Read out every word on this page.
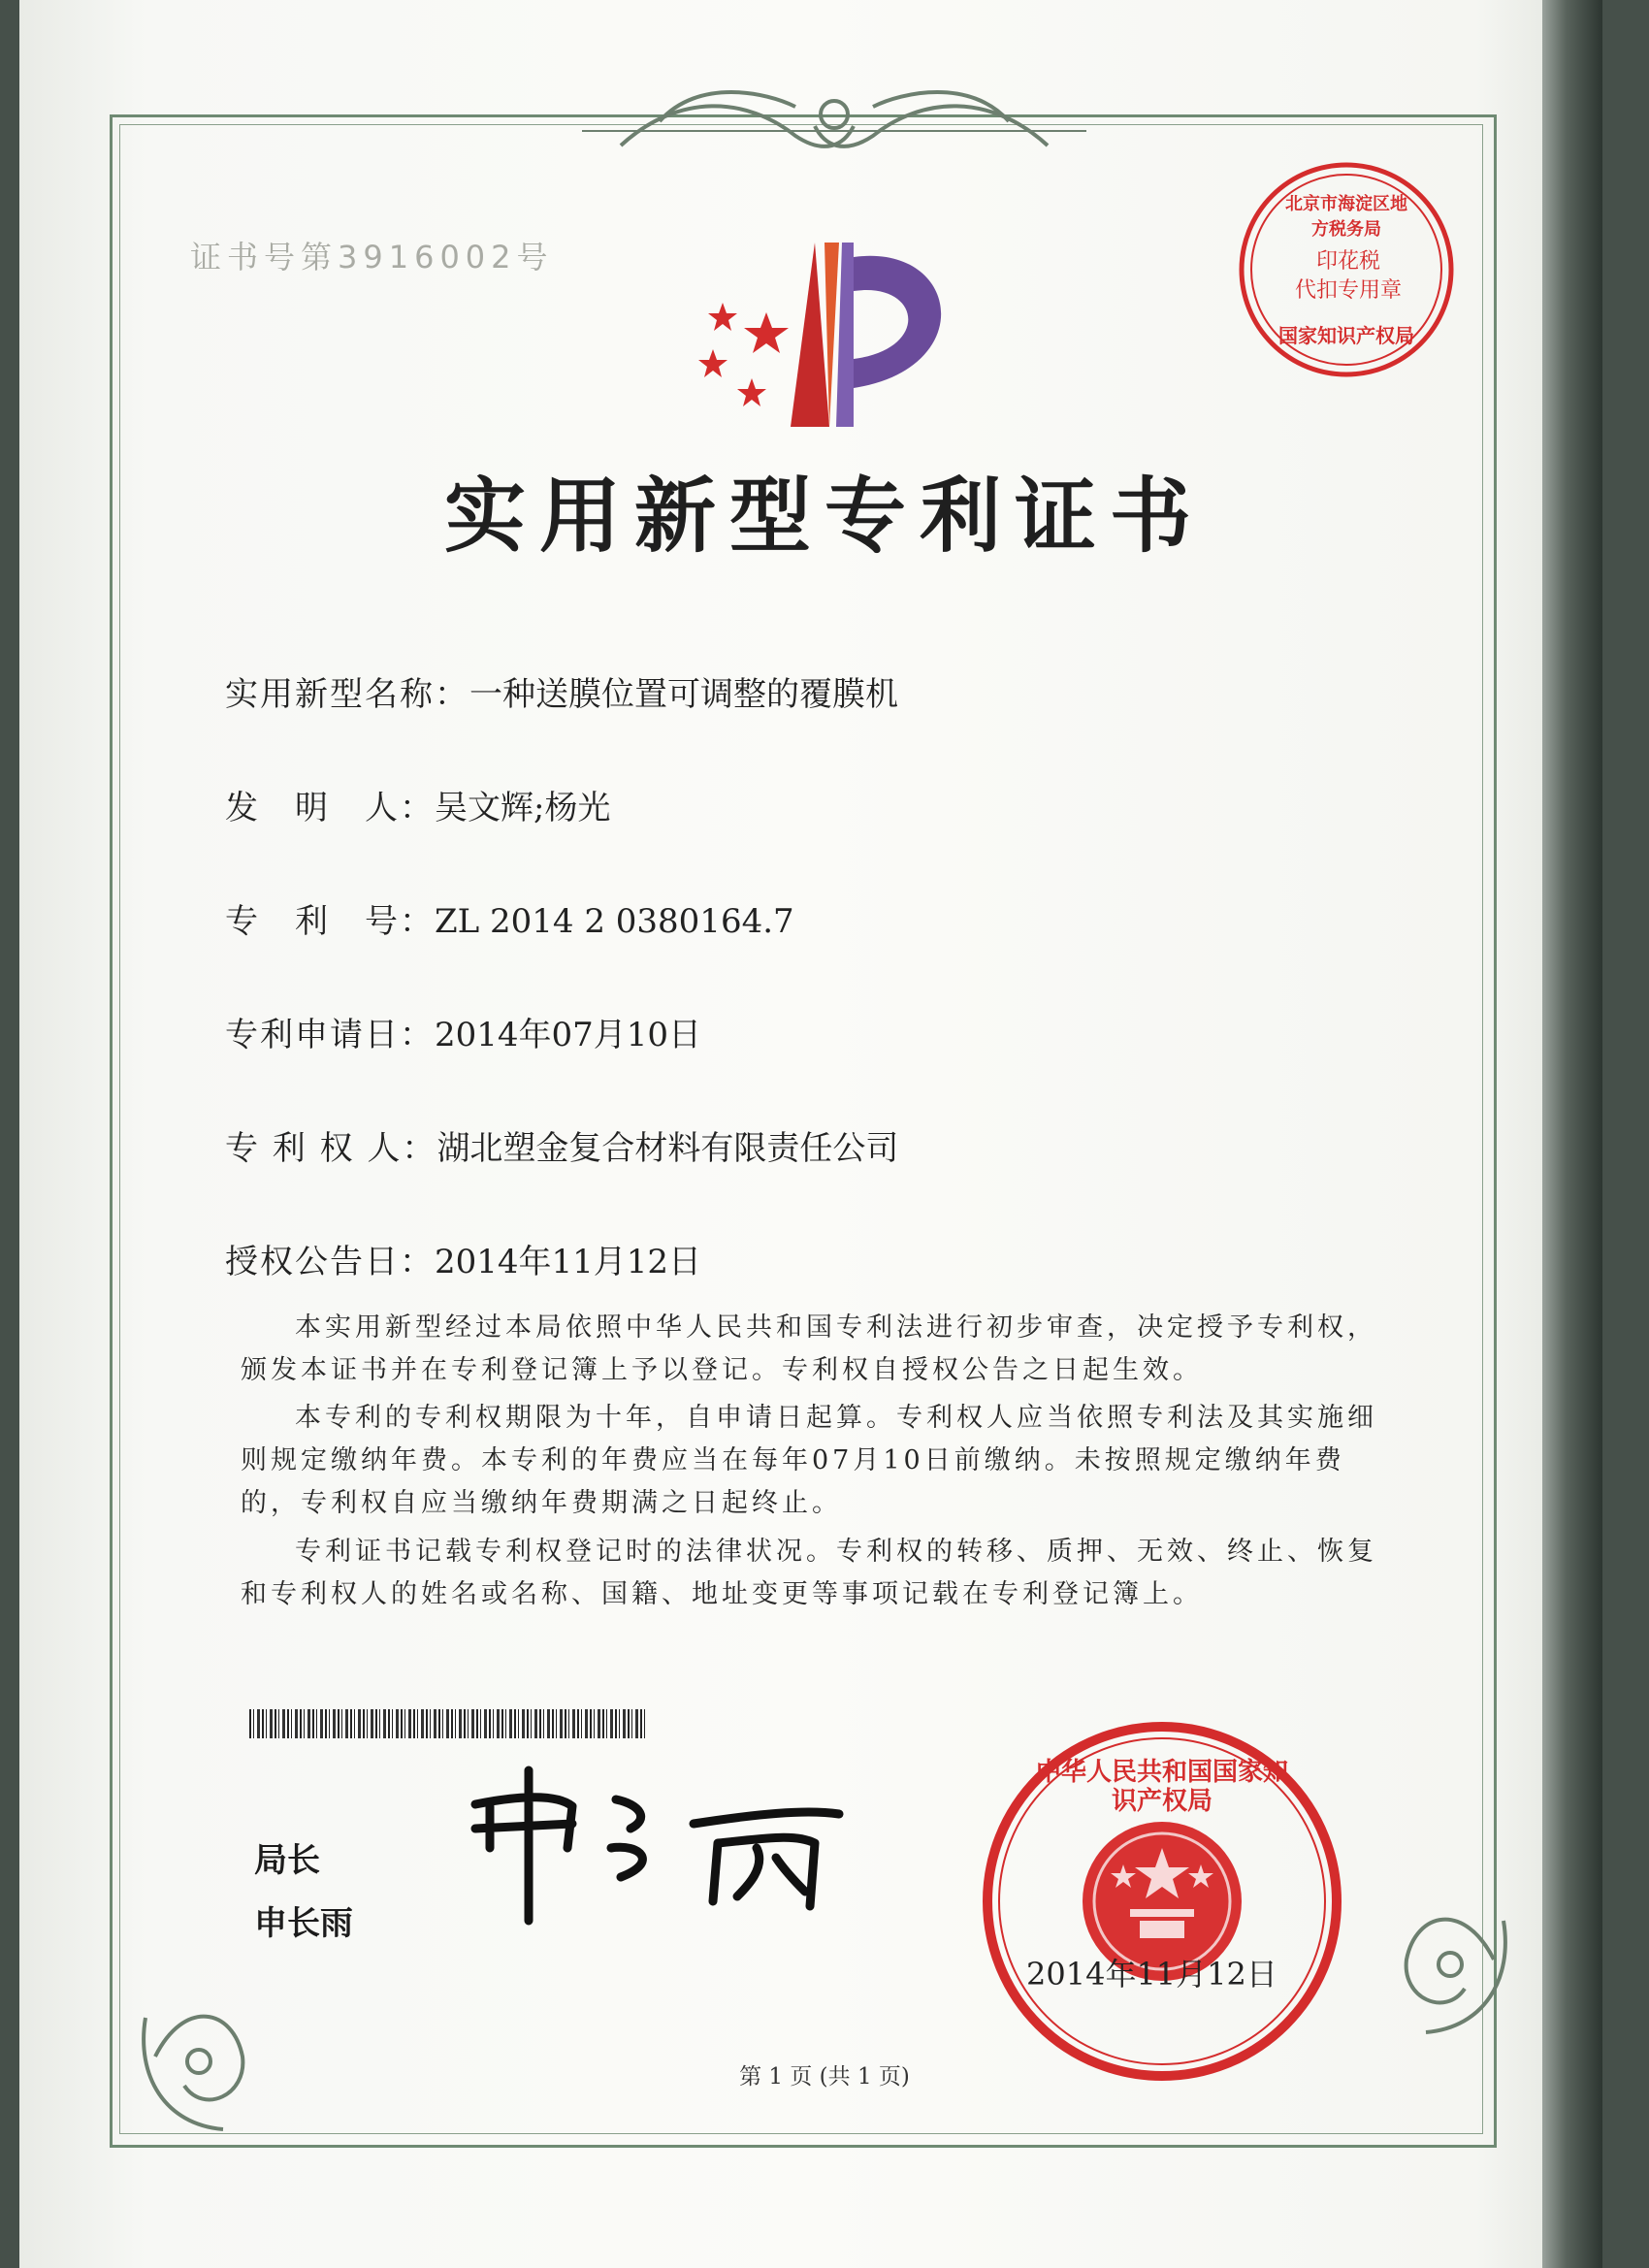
北京市海淀区地方税务局
印花税
代扣专用章
国家知识产权局
中华人民共和国国家知识产权局
证书号第3916002号
实用新型专利证书
实用新型名称：一种送膜位置可调整的覆膜机
发　明　人：吴文辉;杨光
专　利　号：ZL 2014 2 0380164.7
专利申请日：2014年07月10日
专 利 权 人：湖北塑金复合材料有限责任公司
授权公告日：2014年11月12日
本实用新型经过本局依照中华人民共和国专利法进行初步审查，决定授予专利权，颁发本证书并在专利登记簿上予以登记。专利权自授权公告之日起生效。
本专利的专利权期限为十年，自申请日起算。专利权人应当依照专利法及其实施细则规定缴纳年费。本专利的年费应当在每年07月10日前缴纳。未按照规定缴纳年费的，专利权自应当缴纳年费期满之日起终止。
专利证书记载专利权登记时的法律状况。专利权的转移、质押、无效、终止、恢复和专利权人的姓名或名称、国籍、地址变更等事项记载在专利登记簿上。
局长
申长雨
2014年11月12日
第 1 页 (共 1 页)
